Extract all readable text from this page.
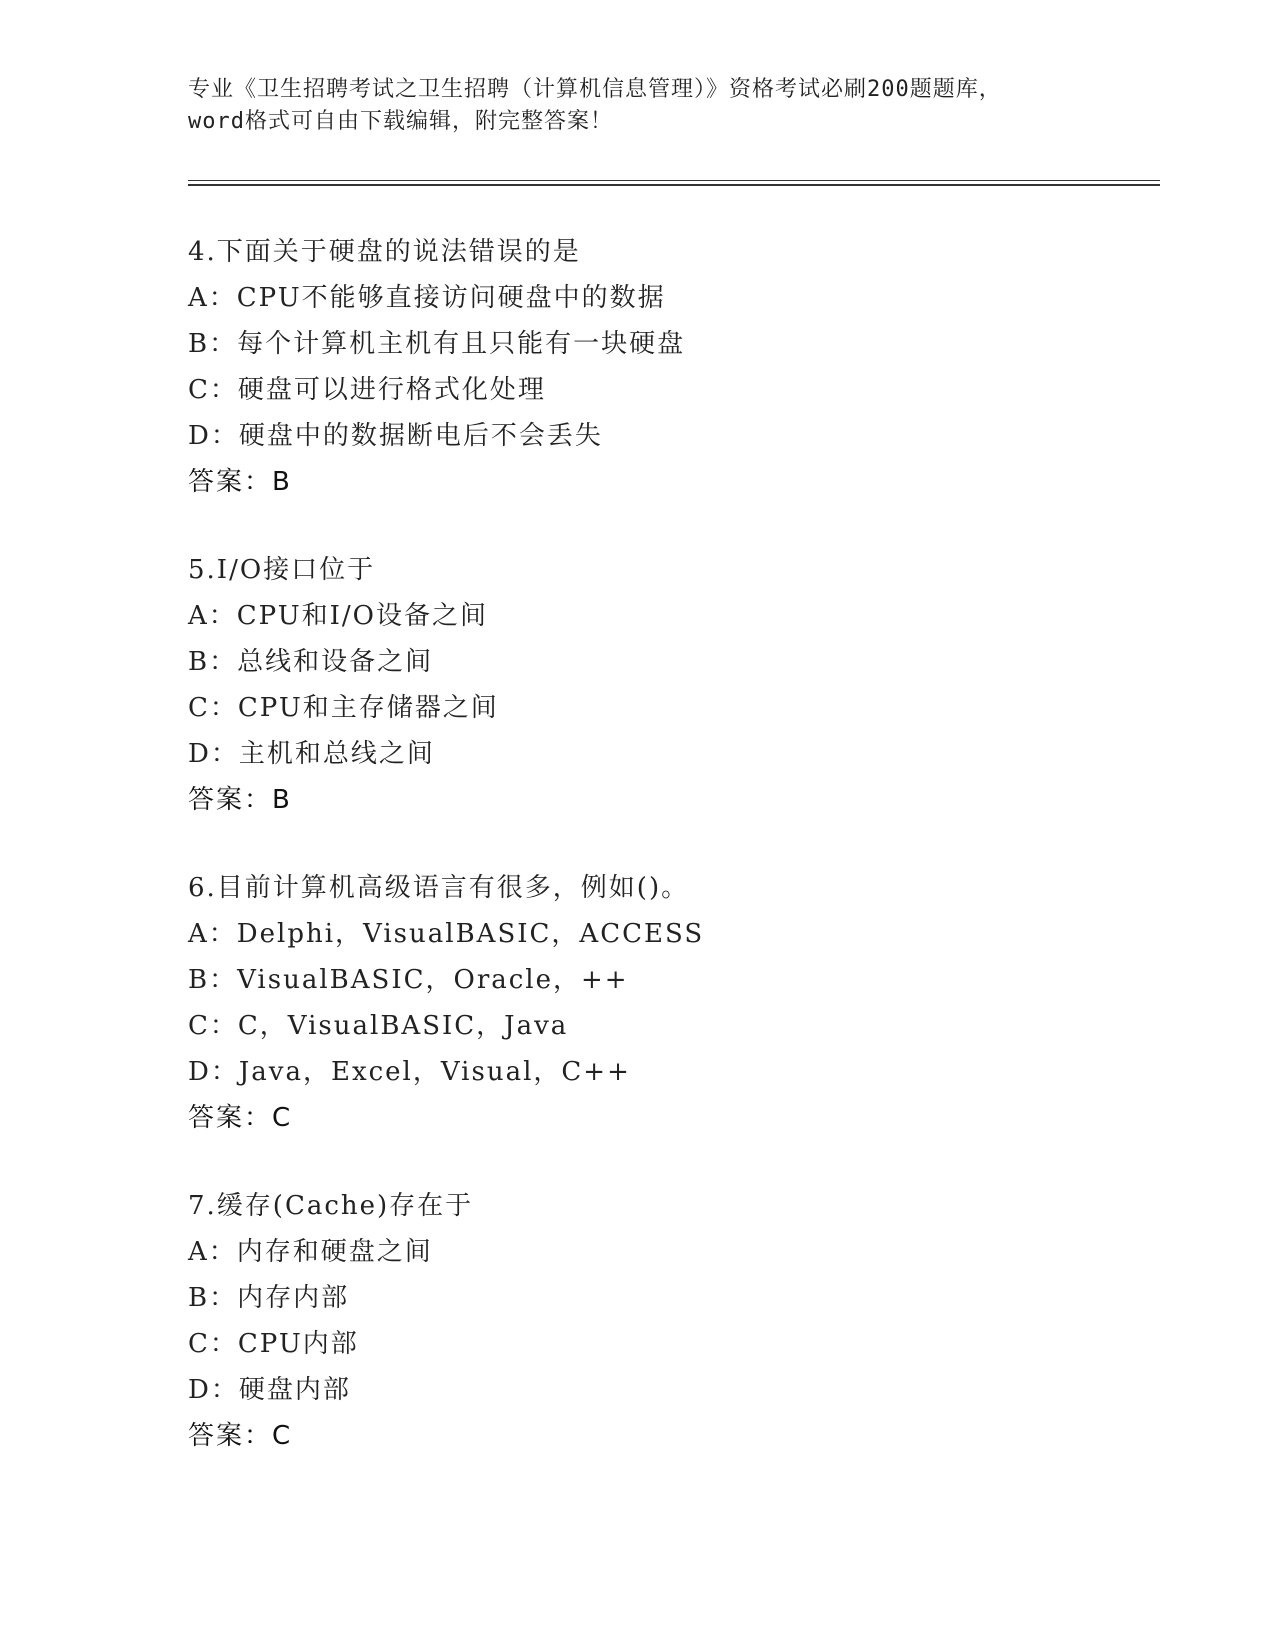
专业《卫生招聘考试之卫生招聘（计算机信息管理）》资格考试必刷200题题库，
word格式可自由下载编辑，附完整答案！
4.下面关于硬盘的说法错误的是
A：CPU不能够直接访问硬盘中的数据
B：每个计算机主机有且只能有一块硬盘
C：硬盘可以进行格式化处理
D：硬盘中的数据断电后不会丢失
答案：B
5.I/O接口位于
A：CPU和I/O设备之间
B：总线和设备之间
C：CPU和主存储器之间
D：主机和总线之间
答案：B
6.目前计算机高级语言有很多，例如()。
A：Delphi，VisualBASIC，ACCESS
B：VisualBASIC，Oracle，++
C：C，VisualBASIC，Java
D：Java，Excel，Visual，C++
答案：C
7.缓存(Cache)存在于
A：内存和硬盘之间
B：内存内部
C：CPU内部
D：硬盘内部
答案：C
